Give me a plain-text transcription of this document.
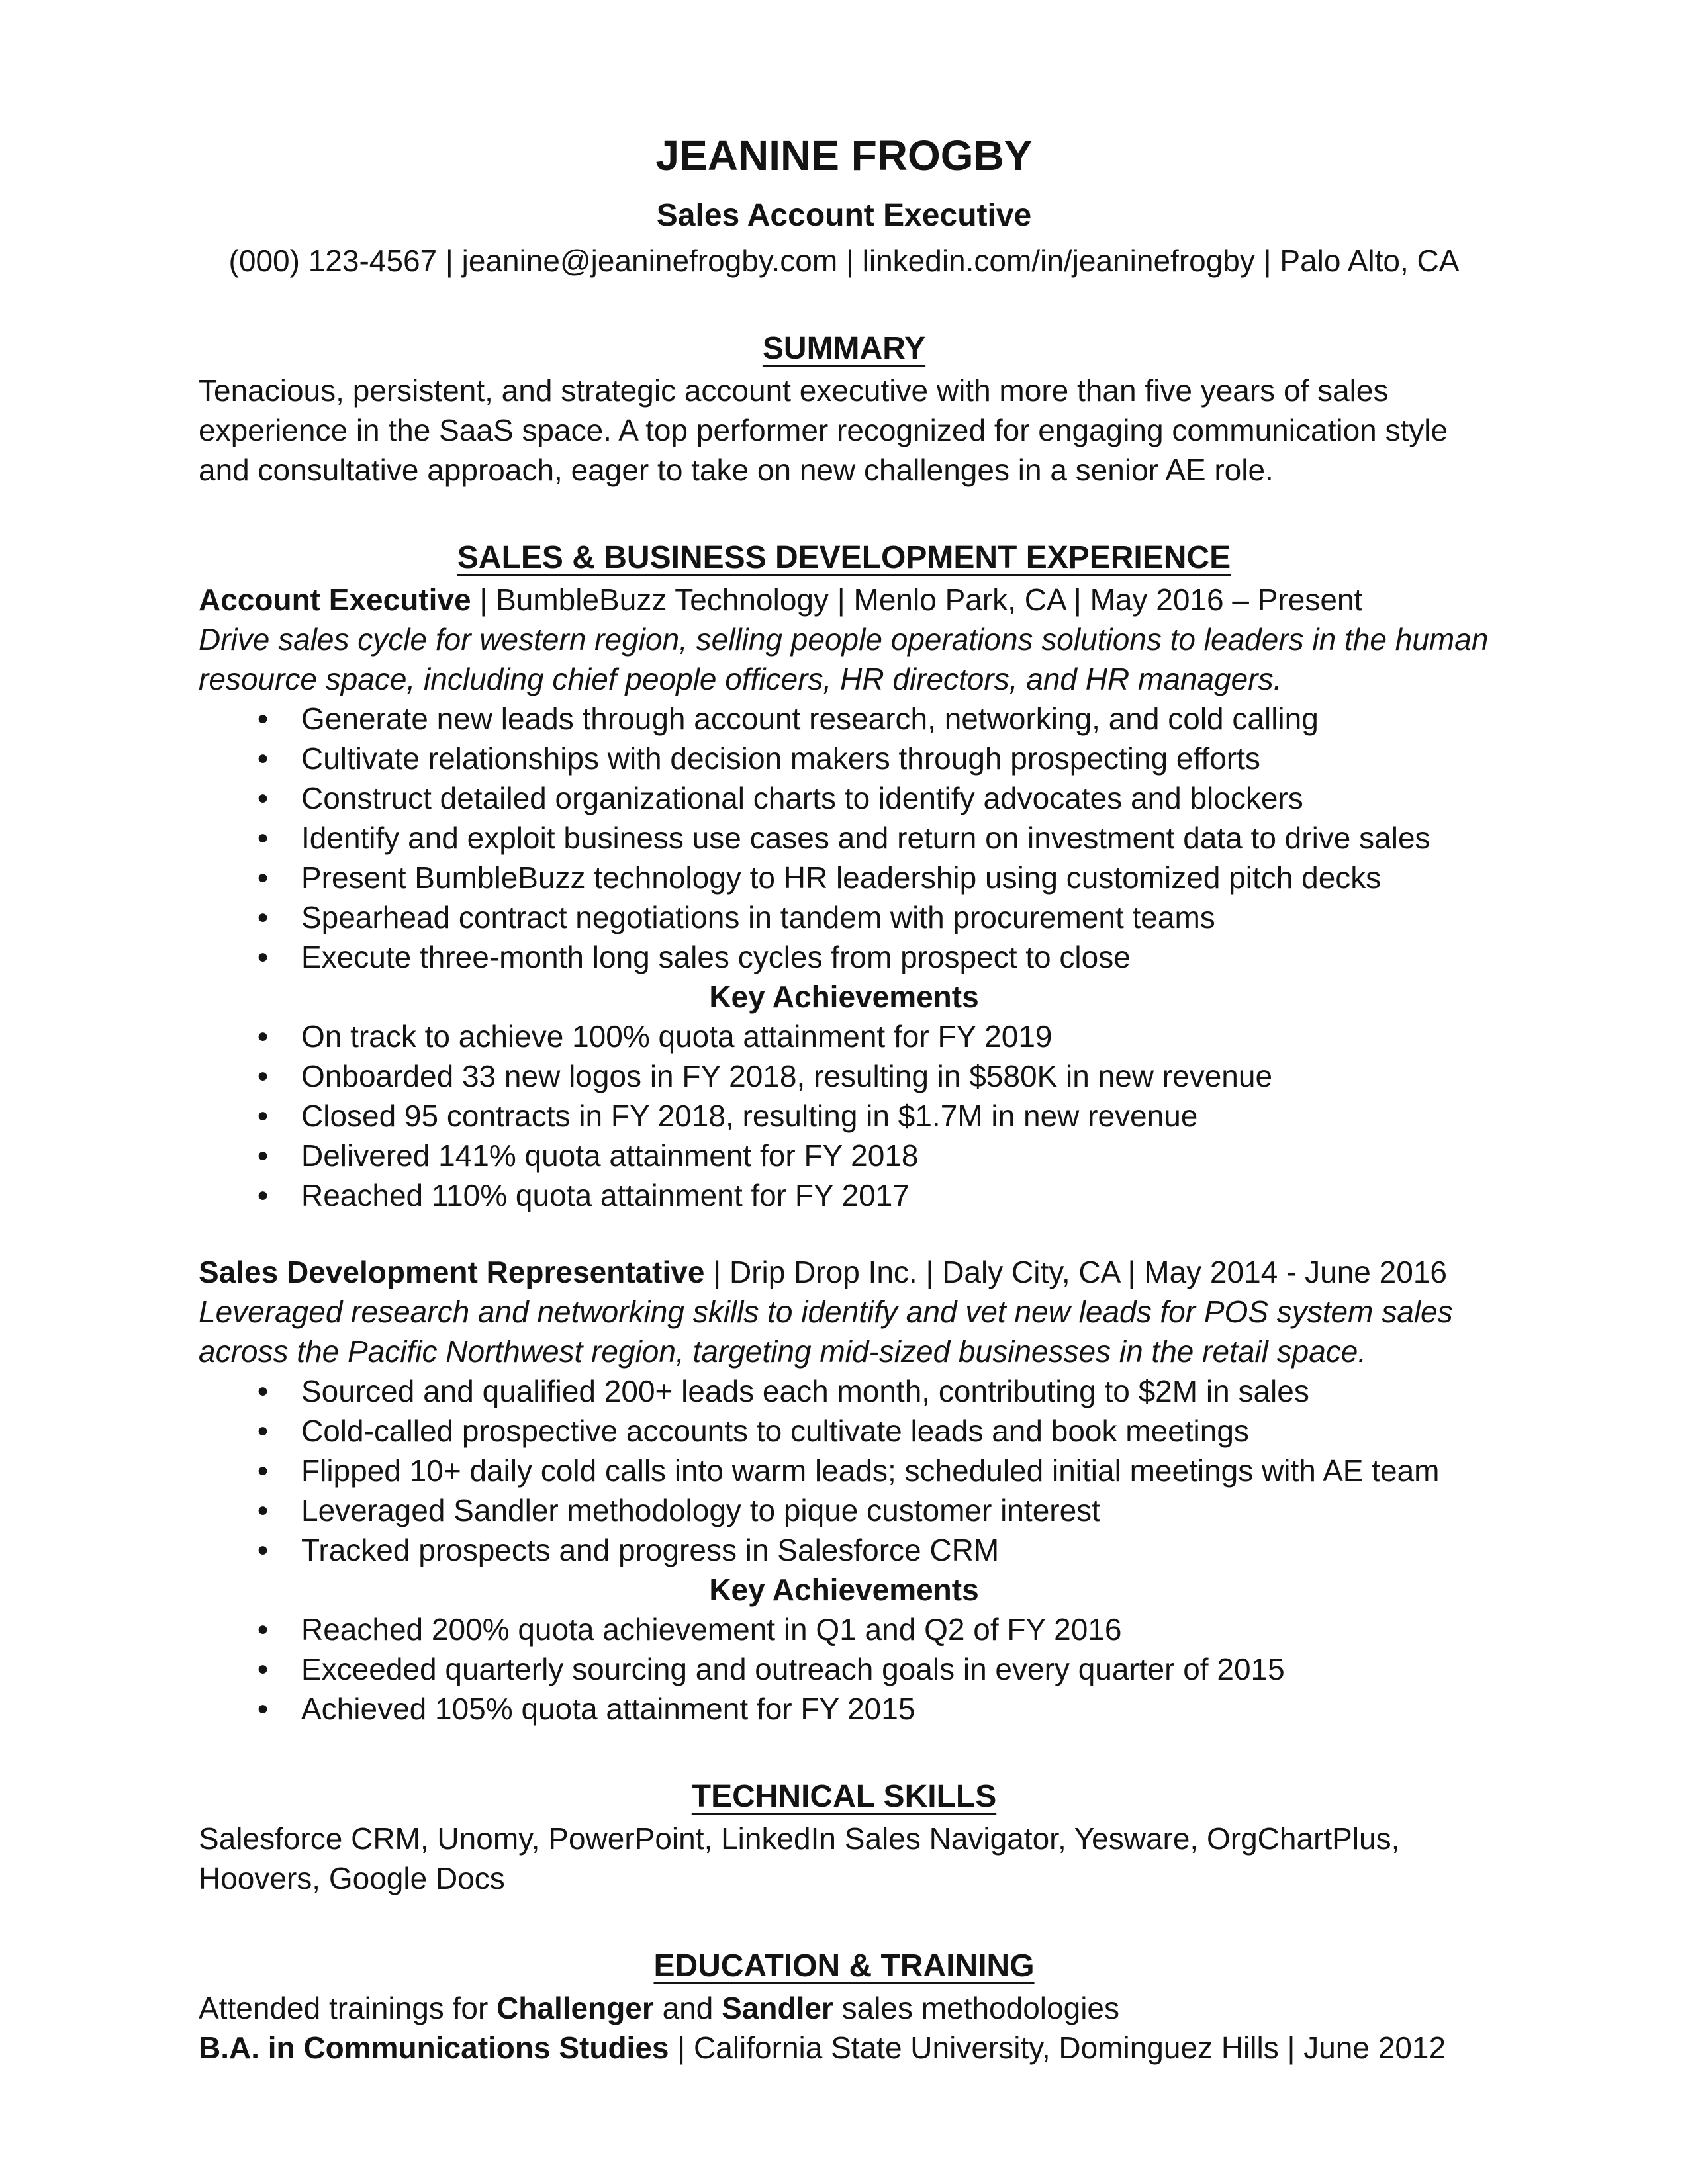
JEANINE FROGBY
Sales Account Executive
(000) 123-4567 | jeanine@jeaninefrogby.com | linkedin.com/in/jeaninefrogby | Palo Alto, CA
SUMMARY

Tenacious, persistent, and strategic account executive with more than five years of sales experience in the SaaS space. A top performer recognized for engaging communication style and consultative approach, eager to take on new challenges in a senior AE role.

SALES & BUSINESS DEVELOPMENT EXPERIENCE
Account Executive | BumbleBuzz Technology | Menlo Park, CA | May 2016 – Present
Drive sales cycle for western region, selling people operations solutions to leaders in the human resource space, including chief people officers, HR directors, and HR managers.
● Generate new leads through account research, networking, and cold calling
● Cultivate relationships with decision makers through prospecting efforts
● Construct detailed organizational charts to identify advocates and blockers
● Identify and exploit business use cases and return on investment data to drive sales
● Present BumbleBuzz technology to HR leadership using customized pitch decks
● Spearhead contract negotiations in tandem with procurement teams
● Execute three-month long sales cycles from prospect to close
Key Achievements
● On track to achieve 100% quota attainment for FY 2019
● Onboarded 33 new logos in FY 2018, resulting in $580K in new revenue
● Closed 95 contracts in FY 2018, resulting in $1.7M in new revenue
● Delivered 141% quota attainment for FY 2018
● Reached 110% quota attainment for FY 2017
Sales Development Representative | Drip Drop Inc. | Daly City, CA | May 2014 - June 2016
Leveraged research and networking skills to identify and vet new leads for POS system sales across the Pacific Northwest region, targeting mid-sized businesses in the retail space.
● Sourced and qualified 200+ leads each month, contributing to $2M in sales
● Cold-called prospective accounts to cultivate leads and book meetings
● Flipped 10+ daily cold calls into warm leads; scheduled initial meetings with AE team
● Leveraged Sandler methodology to pique customer interest
● Tracked prospects and progress in Salesforce CRM
Key Achievements
● Reached 200% quota achievement in Q1 and Q2 of FY 2016
● Exceeded quarterly sourcing and outreach goals in every quarter of 2015
● Achieved 105% quota attainment for FY 2015
TECHNICAL SKILLS

Salesforce CRM, Unomy, PowerPoint, LinkedIn Sales Navigator, Yesware, OrgChartPlus, Hoovers, Google Docs

EDUCATION & TRAINING

Attended trainings for Challenger and Sandler sales methodologies

B.A. in Communications Studies | California State University, Dominguez Hills | June 2012
